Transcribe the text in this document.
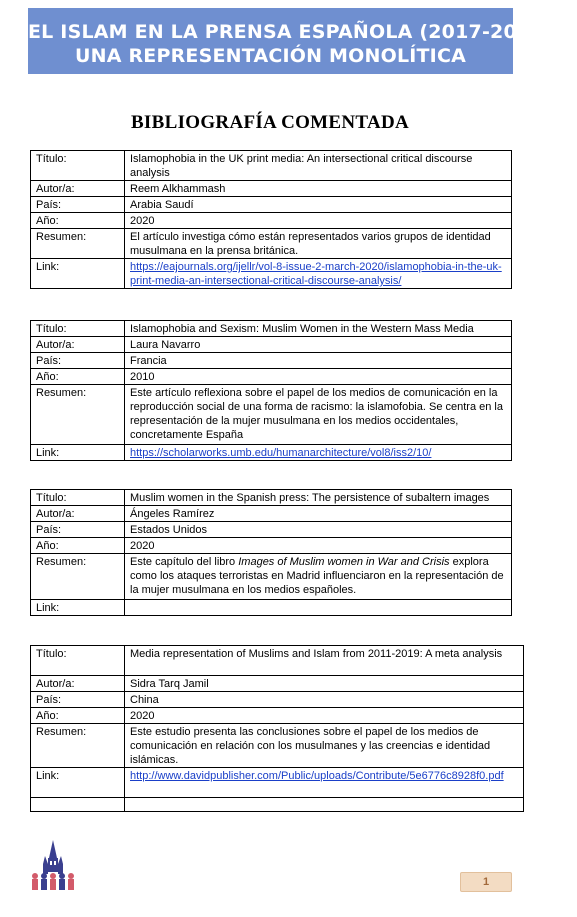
EL ISLAM EN LA PRENSA ESPAÑOLA (2017-2021):
UNA REPRESENTACIÓN MONOLÍTICA
BIBLIOGRAFÍA COMENTADA
Título:	Islamophobia in the UK print media: An intersectional critical discourse analysis
Autor/a:	Reem Alkhammash
País:	Arabia Saudí
Año:	2020
Resumen:	El artículo investiga cómo están representados varios grupos de identidad musulmana en la prensa británica.
Link:	https://eajournals.org/ijellr/vol-8-issue-2-march-2020/islamophobia-in-the-uk-print-media-an-intersectional-critical-discourse-analysis/
Título:	Islamophobia and Sexism: Muslim Women in the Western Mass Media
Autor/a:	Laura Navarro
País:	Francia
Año:	2010
Resumen:	Este artículo reflexiona sobre el papel de los medios de comunicación en la reproducción social de una forma de racismo: la islamofobia. Se centra en la representación de la mujer musulmana en los medios occidentales, concretamente España
Link:	https://scholarworks.umb.edu/humanarchitecture/vol8/iss2/10/
Título:	Muslim women in the Spanish press: The persistence of subaltern images
Autor/a:	Ángeles Ramírez
País:	Estados Unidos
Año:	2020
Resumen:	Este capítulo del libro Images of Muslim women in War and Crisis explora como los ataques terroristas en Madrid influenciaron en la representación de la mujer musulmana en los medios españoles.
Link:	
Título:	Media representation of Muslims and Islam from 2011-2019: A meta analysis
Autor/a:	Sidra Tarq Jamil
País:	China
Año:	2020
Resumen:	Este estudio presenta las conclusiones sobre el papel de los medios de comunicación en relación con los musulmanes y las creencias e identidad islámicas.
Link:	http://www.davidpublisher.com/Public/uploads/Contribute/5e6776c8928f0.pdf

1
